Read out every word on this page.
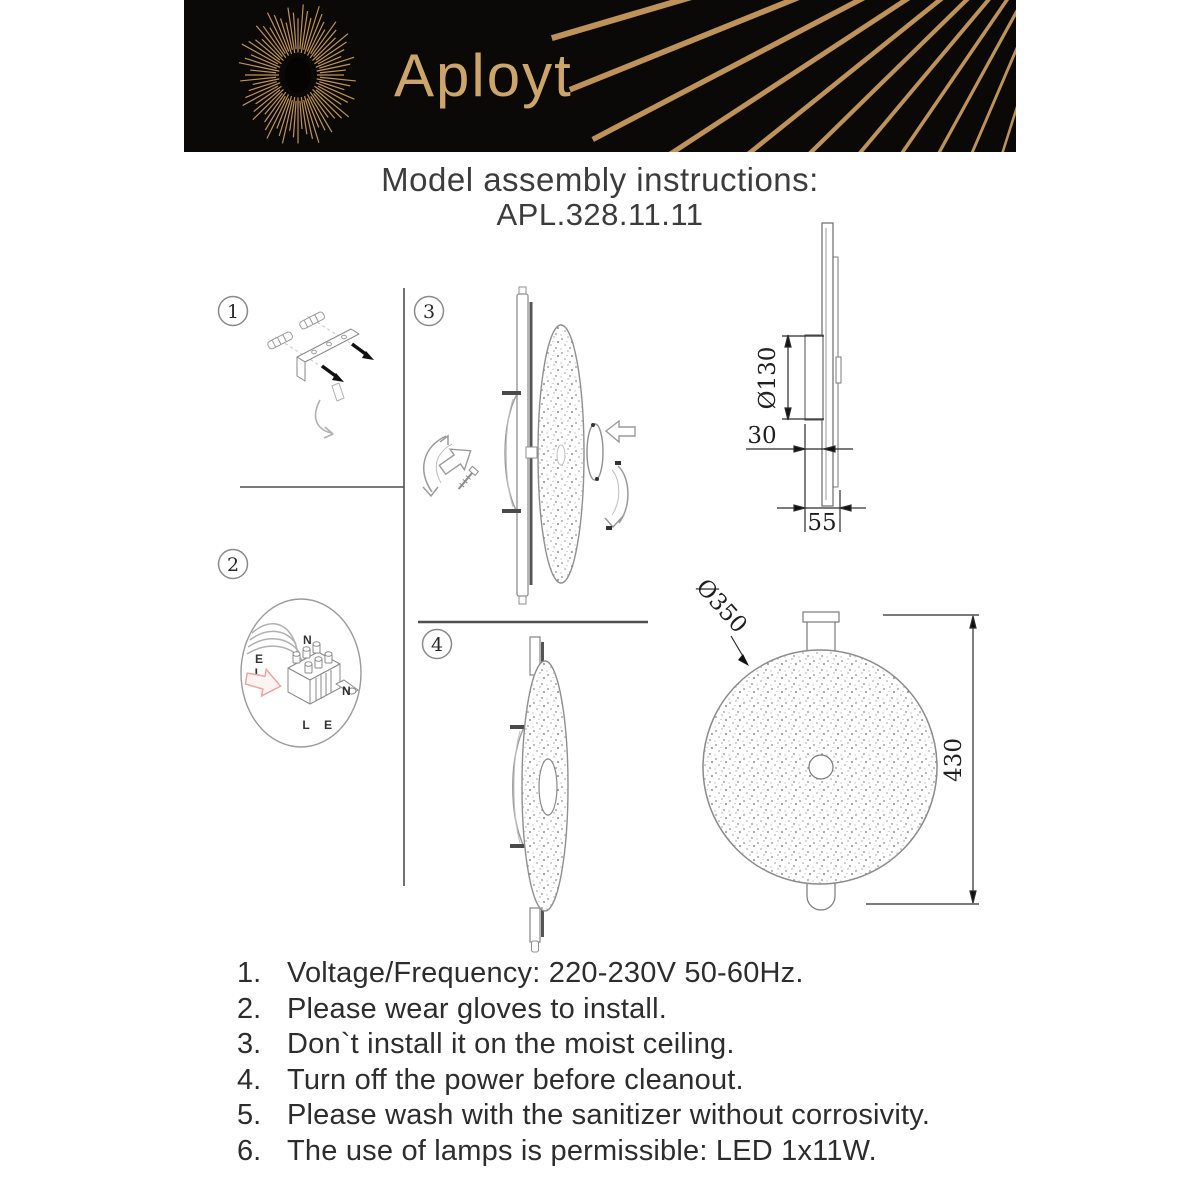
Aployt
Model assembly instructions:
APL.328.11.11
1	3
2
4
N
E
L
N
L E
Ø130
30
55
430
Ø350
1. Voltage/Frequency: 220-230V 50-60Hz.
2. Please wear gloves to install.
3. Don`t install it on the moist ceiling.
4. Turn off the power before cleanout.
5. Please wash with the sanitizer without corrosivity.
6. The use of lamps is permissible: LED 1x11W.
